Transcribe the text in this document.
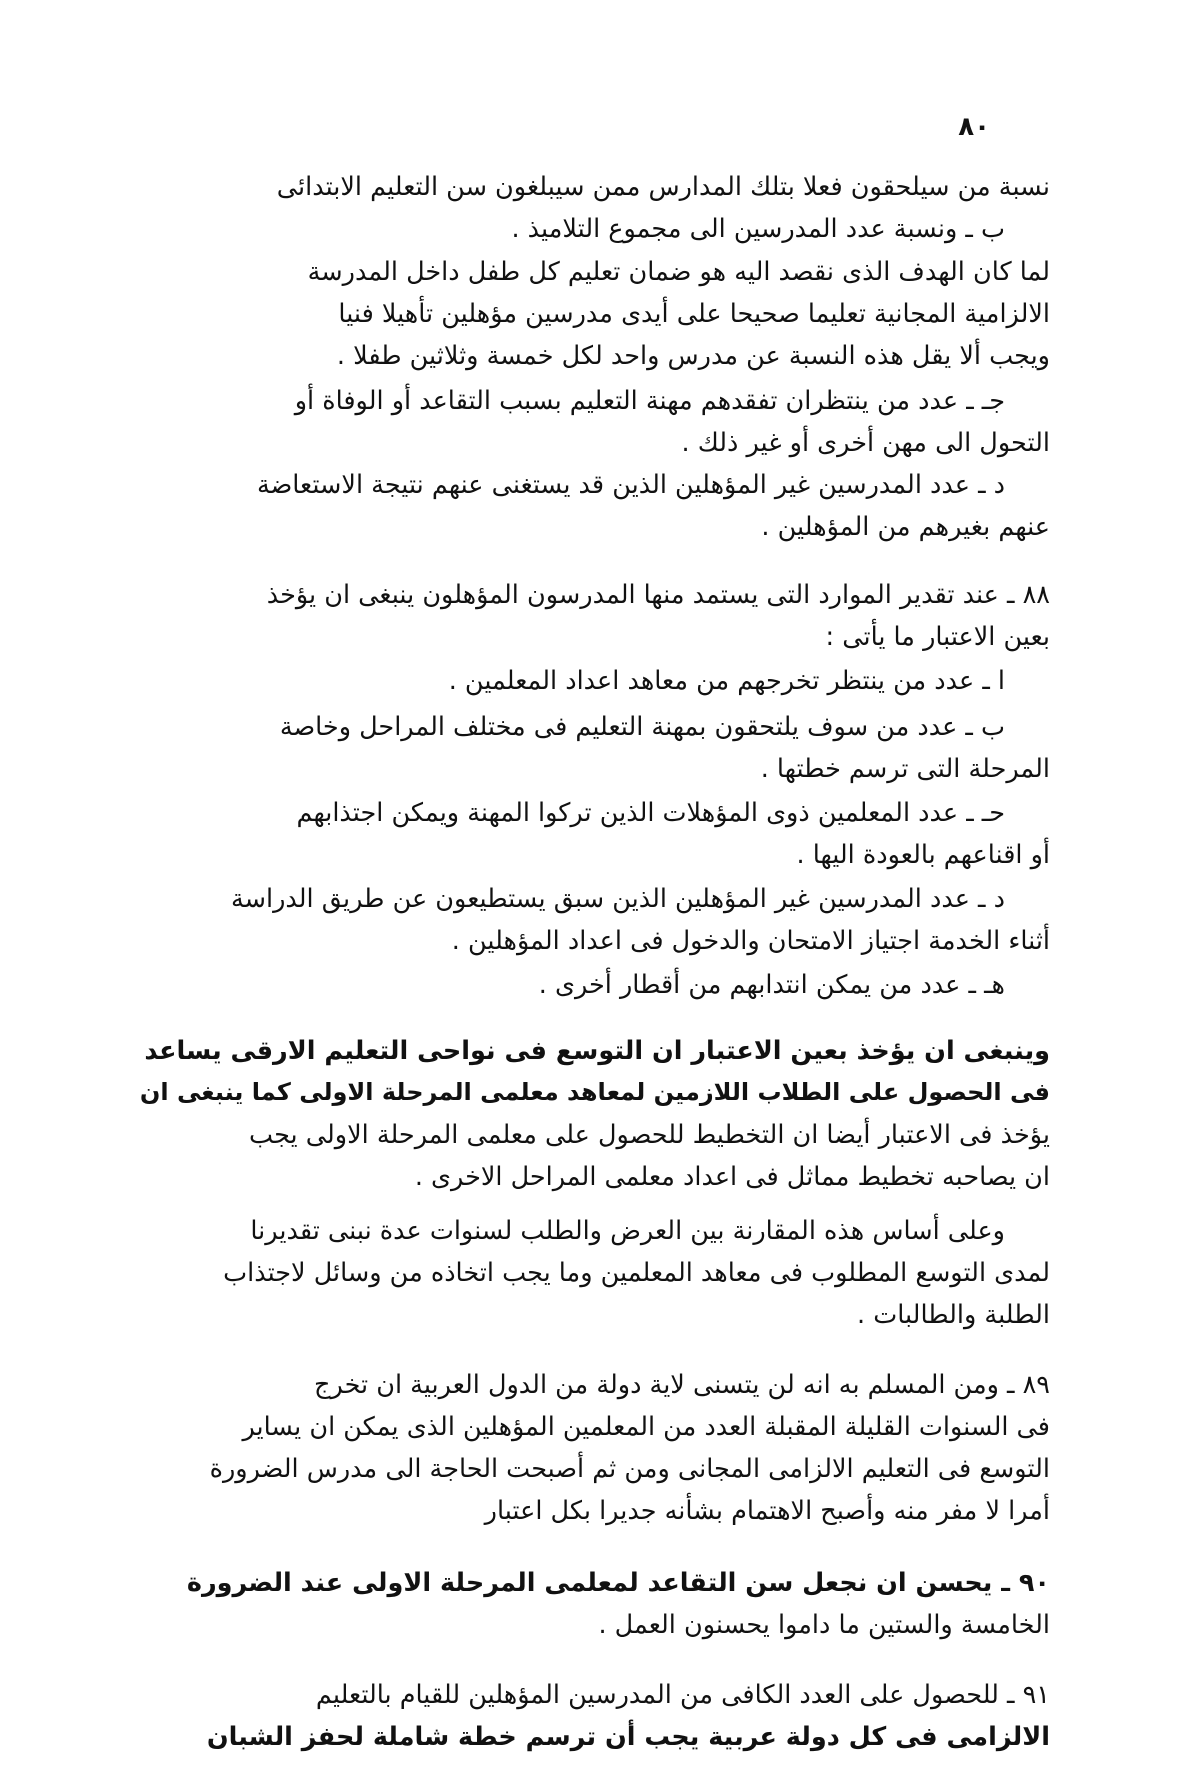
٨٠
نسبة من سيلحقون فعلا بتلك المدارس ممن سيبلغون سن التعليم الابتدائى
ب ـ ونسبة عدد المدرسين الى مجموع التلاميذ .
لما كان الهدف الذى نقصد اليه هو ضمان تعليم كل طفل داخل المدرسة
الالزامية المجانية تعليما صحيحا على أيدى مدرسين مؤهلين تأهيلا فنيا
ويجب ألا يقل هذه النسبة عن مدرس واحد لكل خمسة وثلاثين طفلا .
جـ ـ عدد من ينتظران تفقدهم مهنة التعليم بسبب التقاعد أو الوفاة أو
التحول الى مهن أخرى أو غير ذلك .
د ـ عدد المدرسين غير المؤهلين الذين قد يستغنى عنهم نتيجة الاستعاضة
عنهم بغيرهم من المؤهلين .
٨٨ ـ عند تقدير الموارد التى يستمد منها المدرسون المؤهلون ينبغى ان يؤخذ
بعين الاعتبار ما يأتى :
ا ـ عدد من ينتظر تخرجهم من معاهد اعداد المعلمين .
ب ـ عدد من سوف يلتحقون بمهنة التعليم فى مختلف المراحل وخاصة
المرحلة التى ترسم خطتها .
حـ ـ عدد المعلمين ذوى المؤهلات الذين تركوا المهنة ويمكن اجتذابهم
أو اقناعهم بالعودة اليها .
د ـ عدد المدرسين غير المؤهلين الذين سبق يستطيعون عن طريق الدراسة
أثناء الخدمة اجتياز الامتحان والدخول فى اعداد المؤهلين .
هـ ـ عدد من يمكن انتدابهم من أقطار أخرى .
وينبغى ان يؤخذ بعين الاعتبار ان التوسع فى نواحى التعليم الارقى يساعد
فى الحصول على الطلاب اللازمين لمعاهد معلمى المرحلة الاولى كما ينبغى ان
يؤخذ فى الاعتبار أيضا ان التخطيط للحصول على معلمى المرحلة الاولى يجب
ان يصاحبه تخطيط مماثل فى اعداد معلمى المراحل الاخرى .
وعلى أساس هذه المقارنة بين العرض والطلب لسنوات عدة نبنى تقديرنا
لمدى التوسع المطلوب فى معاهد المعلمين وما يجب اتخاذه من وسائل لاجتذاب
الطلبة والطالبات .
٨٩ ـ ومن المسلم به انه لن يتسنى لاية دولة من الدول العربية ان تخرج
فى السنوات القليلة المقبلة العدد من المعلمين المؤهلين الذى يمكن ان يساير
التوسع فى التعليم الالزامى المجانى ومن ثم أصبحت الحاجة الى مدرس الضرورة
أمرا لا مفر منه وأصبح الاهتمام بشأنه جديرا بكل اعتبار
٩٠ ـ يحسن ان نجعل سن التقاعد لمعلمى المرحلة الاولى عند الضرورة
الخامسة والستين ما داموا يحسنون العمل .
٩١ ـ للحصول على العدد الكافى من المدرسين المؤهلين للقيام بالتعليم
الالزامى فى كل دولة عربية يجب أن ترسم خطة شاملة لحفز الشبان
